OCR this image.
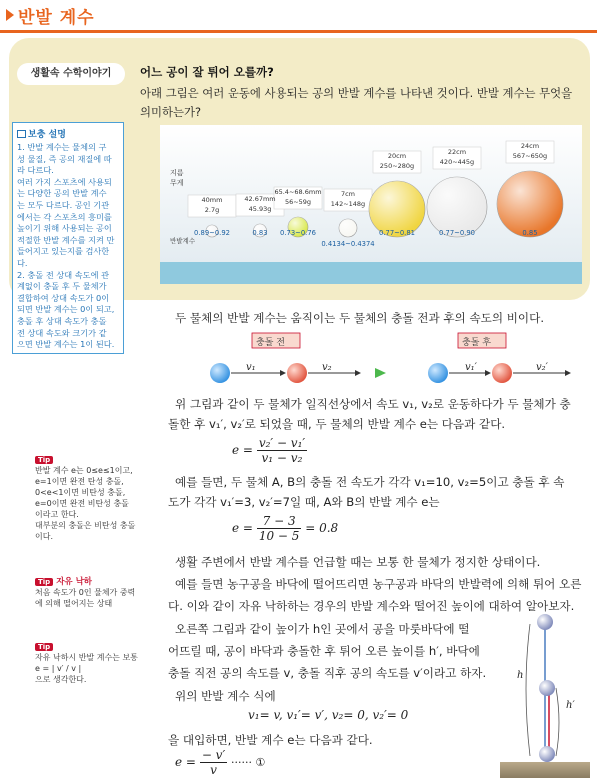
반발 계수
생활속 수학이야기	어느 공이 잘 튀어 오를까?
아래 그림은 여러 운동에 사용되는 공의 반발 계수를 나타낸 것이다. 반발 계수는 무엇을 의미하는가?
지름
무게
반발계수
40mm
2.7g
0.89~0.92
42.67mm
45.93g
0.83
65.4~68.6mm
56~59g
0.73~0.76
7cm
142~148g
0.4134~0.4374
20cm
250~280g
0.77~0.81
22cm
420~445g
0.77~0.90
24cm
567~650g
0.85
보충 설명
1. 반발 계수는 물체의 구
성 물질, 즉 공의 재질에 따
라 다르다.
여러 가지 스포츠에 사용되
는 다양한 공의 반발 계수
는 모두 다르다. 공인 기관
에서는 각 스포츠의 흥미를
높이기 위해 사용되는 공이
적절한 반발 계수를 지켜 만
들어지고 있는지를 검사한다.
2. 충돌 전 상대 속도에 관
계없이 충돌 후 두 물체가
결합하여 상대 속도가 0이
되면 반발 계수는 0이 되고,
충돌 후 상대 속도가 충돌
전 상대 속도와 크기가 같
으면 반발 계수는 1이 된다.
두 물체의 반발 계수는 움직이는 두 물체의 충돌 전과 후의 속도의 비이다.
충돌 전	충돌 후
v₁	v₂	v₁′	v₂′
위 그림과 같이 두 물체가 일직선상에서 속도 v₁, v₂로 운동하다가 두 물체가 충
돌한 후 v₁′, v₂′로 되었을 때, 두 물체의 반발 계수 e는 다음과 같다.
$e = \frac{\text{v₂′ − v₁′}}{\text{v₁ − v₂}}$
예를 들면, 두 물체 A, B의 충돌 전 속도가 각각 v₁=10, v₂=5이고 충돌 후 속
도가 각각 v₁′=3, v₂′=7일 때, A와 B의 반발 계수 e는
$e = \frac{7 - 3}{10 - 5} = 0.8$
생활 주변에서 반발 계수를 언급할 때는 보통 한 물체가 정지한 상태이다.
예를 들면 농구공을 바닥에 떨어뜨리면 농구공과 바닥의 반발력에 의해 튀어 오른
다. 이와 같이 자유 낙하하는 경우의 반발 계수와 떨어진 높이에 대하여 알아보자.
오른쪽 그림과 같이 높이가 h인 곳에서 공을 마룻바닥에 떨
어뜨릴 때, 공이 바닥과 충돌한 후 튀어 오른 높이를 h′, 바닥에
충돌 직전 공의 속도를 v, 충돌 직후 공의 속도를 v′이라고 하자.
위의 반발 계수 식에
v₁= v, v₁′= v′, v₂= 0, v₂′= 0
을 대입하면, 반발 계수 e는 다음과 같다.
$e = \frac{- v'}{v}$ ······ ①
h
h′
Tip
반발 계수 e는 0≤e≤1이고,
e=1이면 완전 탄성 충돌,
0<e<1이면 비탄성 충돌,
e=0이면 완전 비탄성 충돌
이라고 한다.
대부분의 충돌은 비탄성 충돌
이다.
Tip 자유 낙하
처음 속도가 0인 물체가 중력
에 의해 떨어지는 상태
Tip
자유 낙하시 반발 계수는 보통
e = | v′ / v |
으로 생각한다.
